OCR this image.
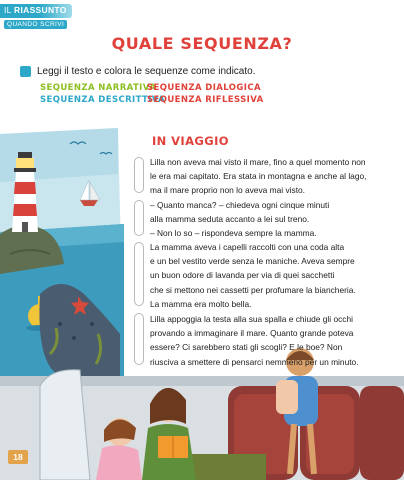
IL RIASSUNTO
QUANDO SCRIVI
QUALE SEQUENZA?
Leggi il testo e colora le sequenze come indicato.
SEQUENZA NARRATIVA
SEQUENZA DIALOGICA
SEQUENZA DESCRITTIVA
SEQUENZA RIFLESSIVA
IN VIAGGIO
Lilla non aveva mai visto il mare, fino a quel momento non
le era mai capitato. Era stata in montagna e anche al lago,
ma il mare proprio non lo aveva mai visto.
– Quanto manca? – chiedeva ogni cinque minuti
alla mamma seduta accanto a lei sul treno.
– Non lo so – rispondeva sempre la mamma.
La mamma aveva i capelli raccolti con una coda alta
e un bel vestito verde senza le maniche. Aveva sempre
un buon odore di lavanda per via di quei sacchetti
che si mettono nei cassetti per profumare la biancheria.
La mamma era molto bella.
Lilla appoggia la testa alla sua spalla e chiude gli occhi
provando a immaginare il mare. Quanto grande poteva
essere? Ci sarebbero stati gli scogli? E le boe? Non
riusciva a smettere di pensarci nemmeno per un minuto.
18
